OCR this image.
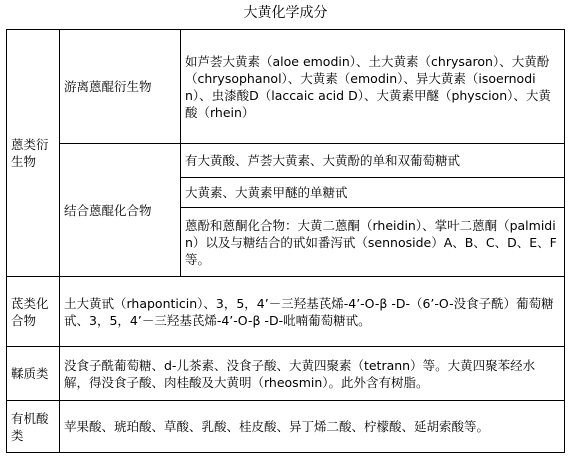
大黄化学成分
蒽类衍生物	游离蒽醌衍生物	如芦荟大黄素（aloe emodin）、土大黄素（chrysaron）、大黄酚（chrysophanol）、大黄素（emodin）、异大黄素（isoernodin）、虫漆酸D（laccaic acid D）、大黄素甲醚（physcion）、大黄酸（rhein）
	结合蒽醌化合物	有大黄酸、芦荟大黄素、大黄酚的单和双葡萄糖甙
		大黄素、大黄素甲醚的单糖甙
		蒽酚和蒽酮化合物：大黄二蒽酮（rheidin）、掌叶二蒽酮（palmidin）以及与糖结合的甙如番泻甙（sennoside）A、B、C、D、E、F等。
茋类化合物	土大黄甙（rhaponticin）、3，5，4’－三羟基芪烯-4’-O-β -D-（6’-O-没食子酰）葡萄糖甙、3，5，4’－三羟基芪烯-4’-O-β -D-吡喃葡萄糖甙。	
鞣质类	没食子酰葡萄糖、d-儿茶素、没食子酸、大黄四聚素（tetrann）等。大黄四聚苯经水解，得没食子酸、肉桂酸及大黄明（rheosmin）。此外含有树脂。	
有机酸类	苹果酸、琥珀酸、草酸、乳酸、桂皮酸、异丁烯二酸、柠檬酸、延胡索酸等。	
